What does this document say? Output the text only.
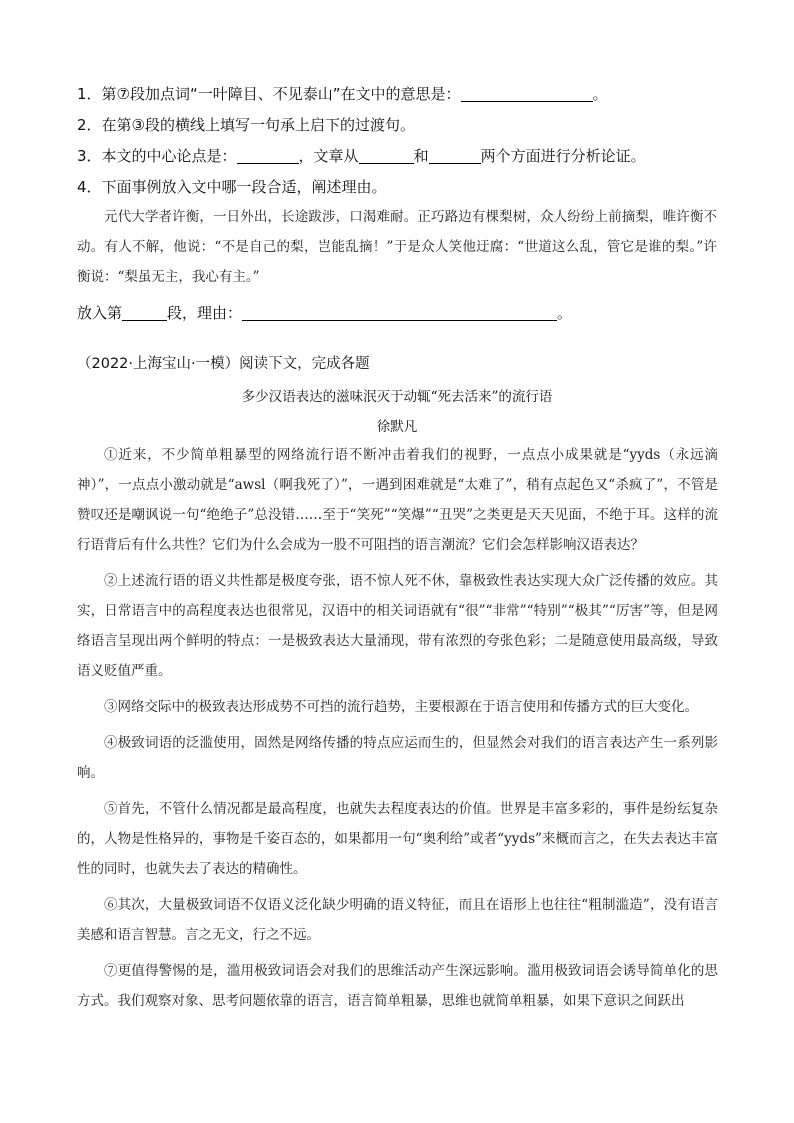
1．第⑦段加点词“一叶障目、不见泰山”在文中的意思是：	。
2．在第③段的横线上填写一句承上启下的过渡句。
3．本文的中心论点是：	，文章从	和	两个方面进行分析论证。
4．下面事例放入文中哪一段合适，阐述理由。

元代大学者许衡，一日外出，长途跋涉，口渴难耐。正巧路边有棵梨树，众人纷纷上前摘梨，唯许衡不动。有人不解，他说：“不是自己的梨，岂能乱摘！”于是众人笑他迂腐：“世道这么乱，管它是谁的梨。”许衡说：“梨虽无主，我心有主。”

放入第	段，理由：	。
（2022·上海宝山·一模）阅读下文，完成各题
多少汉语表达的滋味泯灭于动辄“死去活来”的流行语
徐默凡

①近来，不少简单粗暴型的网络流行语不断冲击着我们的视野，一点点小成果就是“yyds（永远滴神）”，一点点小激动就是“awsl（啊我死了）”，一遇到困难就是“太难了”，稍有点起色又“杀疯了”，不管是赞叹还是嘲讽说一句“绝绝子”总没错……至于“笑死”“笑爆”“丑哭”之类更是天天见面，不绝于耳。这样的流行语背后有什么共性？它们为什么会成为一股不可阻挡的语言潮流？它们会怎样影响汉语表达？

②上述流行语的语义共性都是极度夸张，语不惊人死不休，靠极致性表达实现大众广泛传播的效应。其实，日常语言中的高程度表达也很常见，汉语中的相关词语就有“很”“非常”“特别”“极其”“厉害”等，但是网络语言呈现出两个鲜明的特点：一是极致表达大量涌现，带有浓烈的夸张色彩；二是随意使用最高级，导致语义贬值严重。

③网络交际中的极致表达形成势不可挡的流行趋势，主要根源在于语言使用和传播方式的巨大变化。

④极致词语的泛滥使用，固然是网络传播的特点应运而生的，但显然会对我们的语言表达产生一系列影响。

⑤首先，不管什么情况都是最高程度，也就失去程度表达的价值。世界是丰富多彩的，事件是纷纭复杂的，人物是性格异的，事物是千姿百态的，如果都用一句“奥利给”或者“yyds”来概而言之，在失去表达丰富性的同时，也就失去了表达的精确性。

⑥其次，大量极致词语不仅语义泛化缺少明确的语义特征，而且在语形上也往往“粗制滥造”，没有语言美感和语言智慧。言之无文，行之不远。

⑦更值得警惕的是，滥用极致词语会对我们的思维活动产生深远影响。滥用极致词语会诱导简单化的思方式。我们观察对象、思考问题依靠的语言，语言简单粗暴，思维也就简单粗暴，如果下意识之间跃出
